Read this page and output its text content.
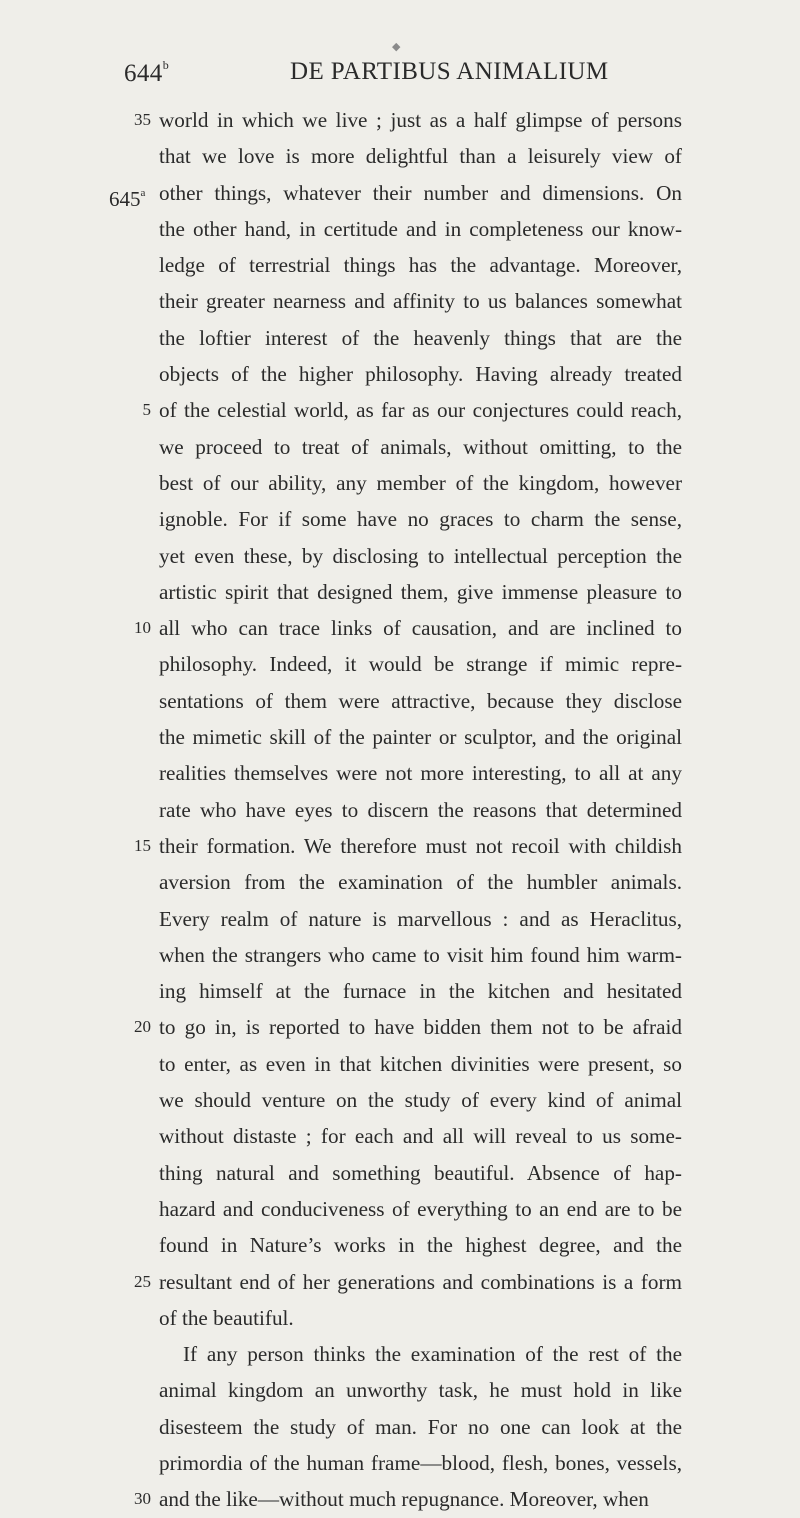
◆
644$^b$	DE PARTIBUS ANIMALIUM
35 world in which we live ; just as a half glimpse of persons
that we love is more delightful than a leisurely view of
645$^a$ other things, whatever their number and dimensions. On
the other hand, in certitude and in completeness our know-
ledge of terrestrial things has the advantage. Moreover,
their greater nearness and affinity to us balances somewhat
the loftier interest of the heavenly things that are the
objects of the higher philosophy. Having already treated
5 of the celestial world, as far as our conjectures could reach,
we proceed to treat of animals, without omitting, to the
best of our ability, any member of the kingdom, however
ignoble. For if some have no graces to charm the sense,
yet even these, by disclosing to intellectual perception the
artistic spirit that designed them, give immense pleasure to
10 all who can trace links of causation, and are inclined to
philosophy. Indeed, it would be strange if mimic repre-
sentations of them were attractive, because they disclose
the mimetic skill of the painter or sculptor, and the original
realities themselves were not more interesting, to all at any
rate who have eyes to discern the reasons that determined
15 their formation. We therefore must not recoil with childish
aversion from the examination of the humbler animals.
Every realm of nature is marvellous : and as Heraclitus,
when the strangers who came to visit him found him warm-
ing himself at the furnace in the kitchen and hesitated
20 to go in, is reported to have bidden them not to be afraid
to enter, as even in that kitchen divinities were present, so
we should venture on the study of every kind of animal
without distaste ; for each and all will reveal to us some-
thing natural and something beautiful. Absence of hap-
hazard and conduciveness of everything to an end are to be
found in Nature’s works in the highest degree, and the
25 resultant end of her generations and combinations is a form
of the beautiful.
If any person thinks the examination of the rest of the
animal kingdom an unworthy task, he must hold in like
disesteem the study of man. For no one can look at the
primordia of the human frame—blood, flesh, bones, vessels,
30 and the like—without much repugnance. Moreover, when
